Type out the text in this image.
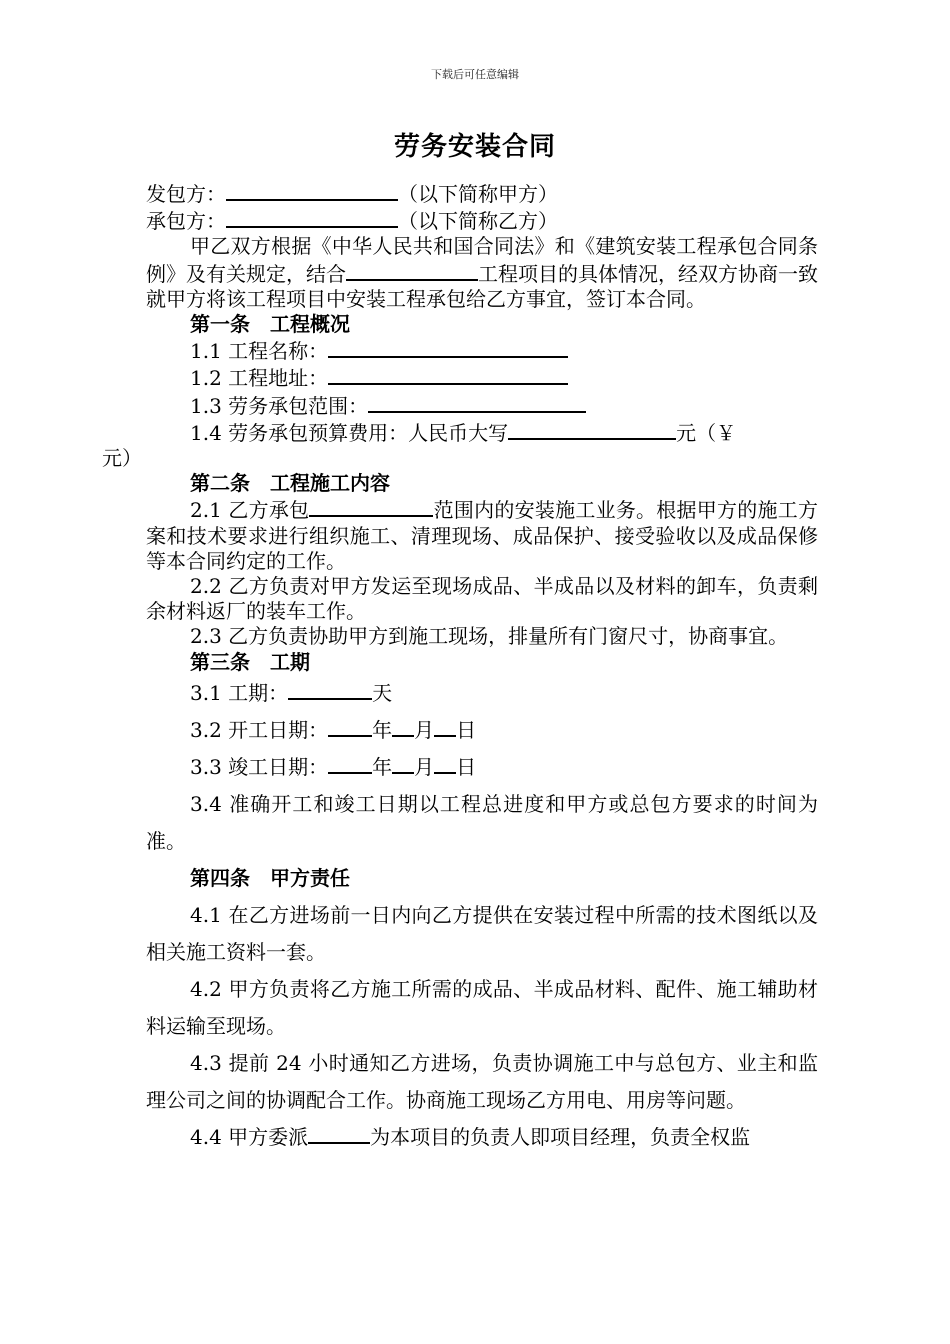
下载后可任意编辑
劳务安装合同

发包方：	（以下简称甲方）

承包方：	（以下简称乙方）

甲乙双方根据《中华人民共和国合同法》和《建筑安装工程承包合同条例》及有关规定，结合	工程项目的具体情况，经双方协商一致就甲方将该工程项目中安装工程承包给乙方事宜，签订本合同。

第一条　工程概况

1.1 工程名称：

1.2 工程地址：

1.3 劳务承包范围：

1.4 劳务承包预算费用：人民币大写	元（￥
元）

第二条　工程施工内容

2.1 乙方承包	范围内的安装施工业务。根据甲方的施工方案和技术要求进行组织施工、清理现场、成品保护、接受验收以及成品保修等本合同约定的工作。

2.2 乙方负责对甲方发运至现场成品、半成品以及材料的卸车，负责剩余材料返厂的装车工作。

2.3 乙方负责协助甲方到施工现场，排量所有门窗尺寸，协商事宜。

第三条　工期

3.1 工期：	天

3.2 开工日期： 年 月 日

3.3 竣工日期： 年 月 日

3.4 准确开工和竣工日期以工程总进度和甲方或总包方要求的时间为准。

第四条　甲方责任

4.1 在乙方进场前一日内向乙方提供在安装过程中所需的技术图纸以及相关施工资料一套。

4.2 甲方负责将乙方施工所需的成品、半成品材料、配件、施工辅助材料运输至现场。

4.3 提前 24 小时通知乙方进场，负责协调施工中与总包方、业主和监理公司之间的协调配合工作。协商施工现场乙方用电、用房等问题。

4.4 甲方委派	为本项目的负责人即项目经理，负责全权监
